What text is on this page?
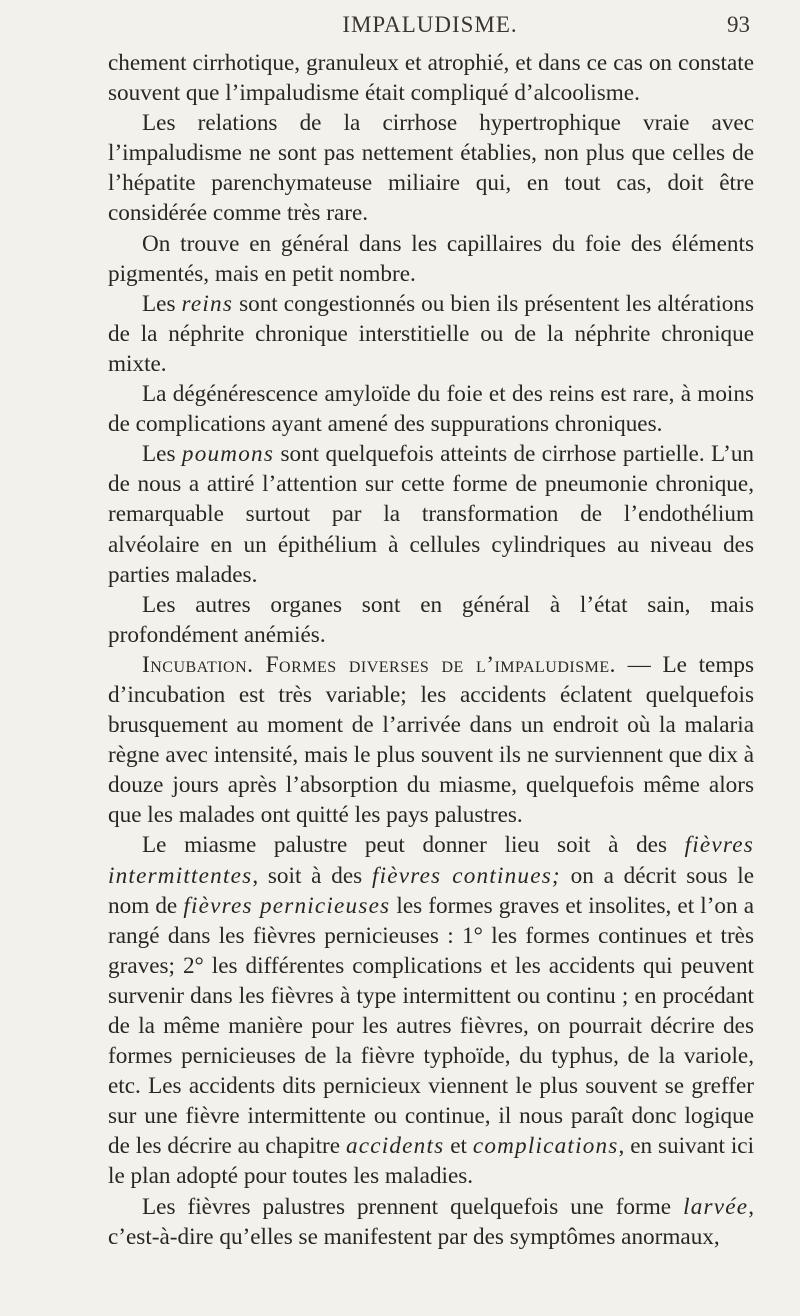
IMPALUDISME.	93

chement cirrhotique, granuleux et atrophié, et dans ce cas on constate souvent que l’impaludisme était compliqué d’alcoolisme.

Les relations de la cirrhose hypertrophique vraie avec l’impaludisme ne sont pas nettement établies, non plus que celles de l’hépatite parenchymateuse miliaire qui, en tout cas, doit être considérée comme très rare.

On trouve en général dans les capillaires du foie des éléments pigmentés, mais en petit nombre.

Les reins sont congestionnés ou bien ils présentent les altérations de la néphrite chronique interstitielle ou de la néphrite chronique mixte.

La dégénérescence amyloïde du foie et des reins est rare, à moins de complications ayant amené des suppurations chroniques.

Les poumons sont quelquefois atteints de cirrhose partielle. L’un de nous a attiré l’attention sur cette forme de pneumonie chronique, remarquable surtout par la transformation de l’endothélium alvéolaire en un épithélium à cellules cylindriques au niveau des parties malades.

Les autres organes sont en général à l’état sain, mais profondément anémiés.

Incubation. Formes diverses de l’impaludisme. — Le temps d’incubation est très variable; les accidents éclatent quelquefois brusquement au moment de l’arrivée dans un endroit où la malaria règne avec intensité, mais le plus souvent ils ne surviennent que dix à douze jours après l’absorption du miasme, quelquefois même alors que les malades ont quitté les pays palustres.

Le miasme palustre peut donner lieu soit à des fièvres intermittentes, soit à des fièvres continues; on a décrit sous le nom de fièvres pernicieuses les formes graves et insolites, et l’on a rangé dans les fièvres pernicieuses : 1° les formes continues et très graves; 2° les différentes complications et les accidents qui peuvent survenir dans les fièvres à type intermittent ou continu ; en procédant de la même manière pour les autres fièvres, on pourrait décrire des formes pernicieuses de la fièvre typhoïde, du typhus, de la variole, etc. Les accidents dits pernicieux viennent le plus souvent se greffer sur une fièvre intermittente ou continue, il nous paraît donc logique de les décrire au chapitre accidents et complications, en suivant ici le plan adopté pour toutes les maladies.

Les fièvres palustres prennent quelquefois une forme larvée, c’est-à-dire qu’elles se manifestent par des symptômes anormaux,
